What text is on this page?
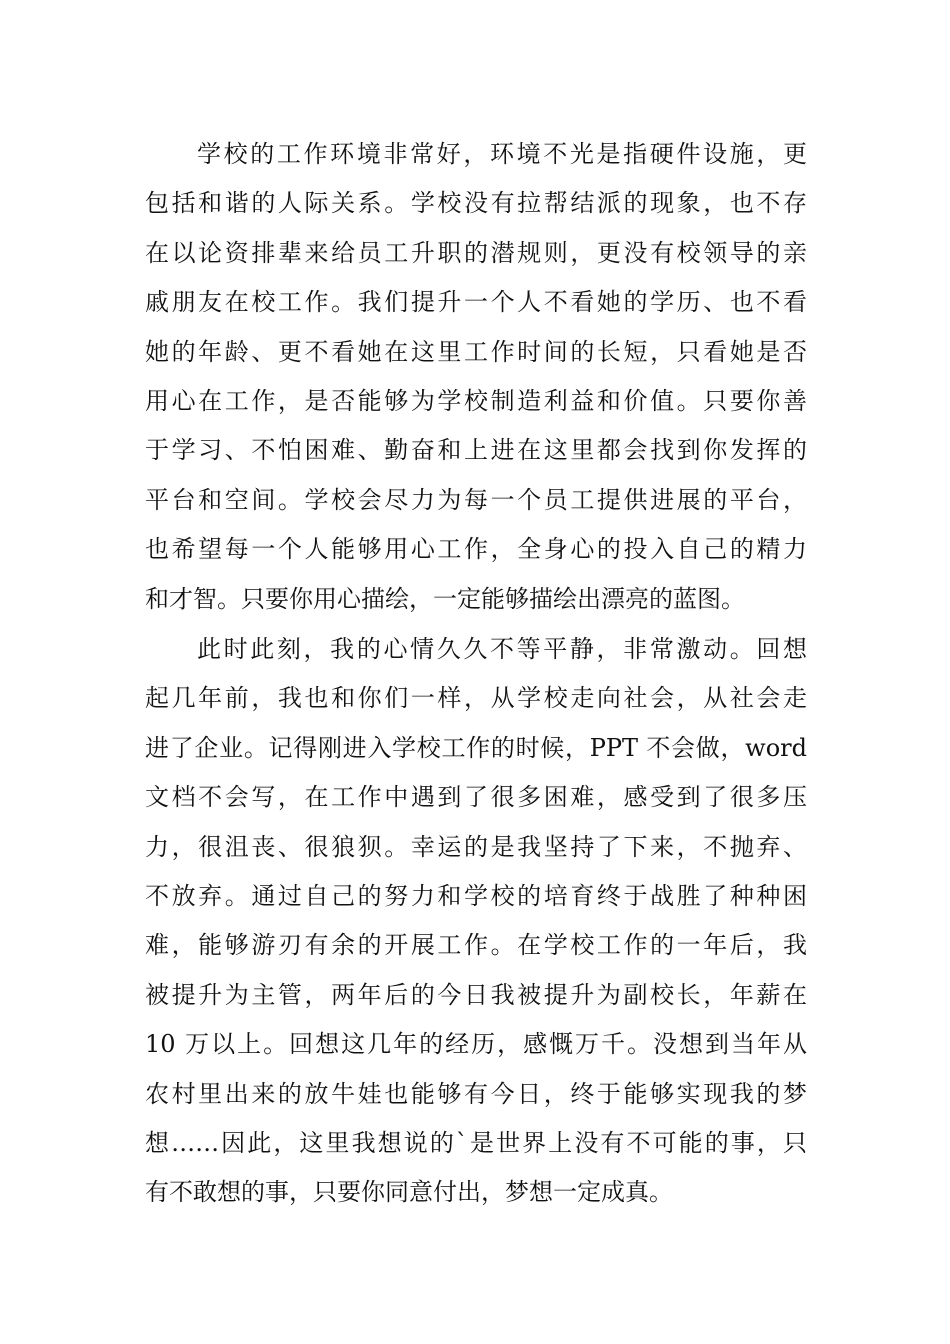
学校的工作环境非常好，环境不光是指硬件设施，更
包括和谐的人际关系。学校没有拉帮结派的现象，也不存
在以论资排辈来给员工升职的潜规则，更没有校领导的亲
戚朋友在校工作。我们提升一个人不看她的学历、也不看
她的年龄、更不看她在这里工作时间的长短，只看她是否
用心在工作，是否能够为学校制造利益和价值。只要你善
于学习、不怕困难、勤奋和上进在这里都会找到你发挥的
平台和空间。学校会尽力为每一个员工提供进展的平台，
也希望每一个人能够用心工作，全身心的投入自己的精力
和才智。只要你用心描绘，一定能够描绘出漂亮的蓝图。
此时此刻，我的心情久久不等平静，非常激动。回想
起几年前，我也和你们一样，从学校走向社会，从社会走
进了企业。记得刚进入学校工作的时候，PPT 不会做，word
文档不会写，在工作中遇到了很多困难，感受到了很多压
力，很沮丧、很狼狈。幸运的是我坚持了下来，不抛弃、
不放弃。通过自己的努力和学校的培育终于战胜了种种困
难，能够游刃有余的开展工作。在学校工作的一年后，我
被提升为主管，两年后的今日我被提升为副校长，年薪在
10 万以上。回想这几年的经历，感慨万千。没想到当年从
农村里出来的放牛娃也能够有今日，终于能够实现我的梦
想……因此，这里我想说的`是世界上没有不可能的事，只
有不敢想的事，只要你同意付出，梦想一定成真。
